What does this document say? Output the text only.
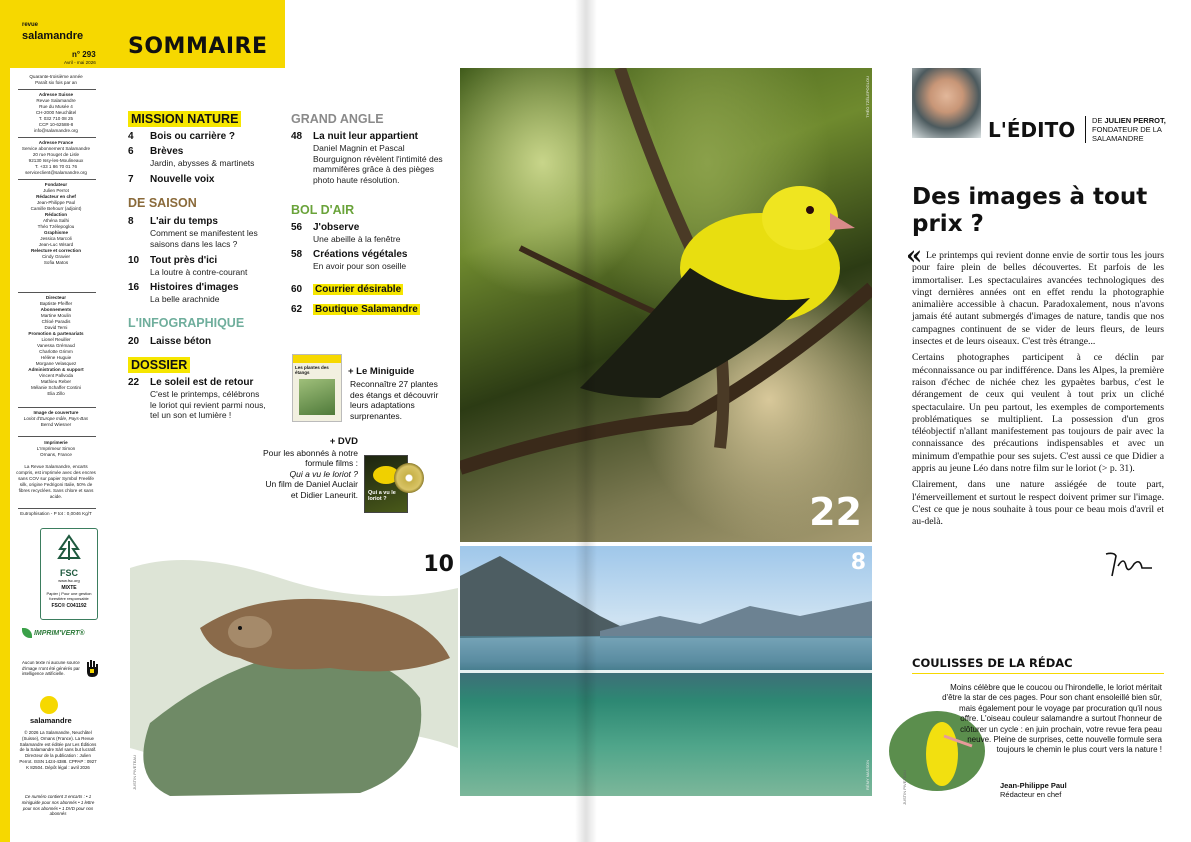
revue
salamandre
n° 293
Avril - mai 2026
Quarante-troisième année
Paraît six fois par an
Adresse Suisse
Revue Salamandre
Rue du Musée 4
CH-2000 Neuchâtel
T. 032 710 08 25
CCP 10-62588-8
info@salamandre.org
Adresse France
Service abonnement Salamandre
20 rue Rouget de Lisle
92130 Issy-les-Moulineaux
T. +33 1 86 70 01 76
serviceclient@salamandre.org
Fondateur
Julien Perrot
Rédacteur en chef
Jean-Philippe Paul
Camille Behourr (adjoint)
Rédaction
Athéna Salhi
Théo Tzélepoglou
Graphisme
Jessica Marcoli
Jean-Luc Wisard
Relecture et correction
Cindy Gravier
Sofia Matos
Directeur
Baptiste Pfeiffer
Abonnements
Martine Moulin
Chloé Paradis
David Terni
Promotion & partenariats
Lionel Reuiller
Vanessa Grémaud
Charlotte Grimm
Hélène Huguie
Morgane Velasquez
Administration & support
Vincent Pallvoda
Mathieu Reber
Mélanie Schaffer Contini
Elia Zillo
Image de couverture
Loriot d'Europe mâle, Pays-Bas
Bernd Wiesner
Imprimerie
L'Imprimeur Simon
Ornans, France
La Revue Salamandre, encarts compris, est imprimée avec des encres sans COV sur papier Symbol Freelife silk, origine Fedrigoni Italie, 50% de fibres recyclées. Sans chlore et sans acide.
Eutrophisation - P tot : 0,0046 Kg/T
FSC
www.fsc.org
MIXTE
Papier | Pour une gestion forestière responsable
FSC® C041192
IMPRIM'VERT®
Aucun texte ni aucune source d'image n'ont été générés par intelligence artificielle.
salamandre
© 2026 La Salamandre, Neuchâtel (Suisse), Ornans (France). La Revue Salamandre est éditée par Les Éditions de la Salamandre Sàrl sans but lucratif. Directeur de la publication : Julien Perrot. ISSN 1424-4388. CPPAP : 0927 K 82504. Dépôt légal : avril 2026
Ce numéro contient 3 encarts : • 1 miniguide pour nos abonnés • 1 lettre pour nos abonnés • 1 DVD pour nos abonnés
SOMMAIRE
MISSION NATURE
4 Bois ou carrière ?
6 Brèves
Jardin, abysses & martinets
7 Nouvelle voix
DE SAISON
8 L'air du temps
Comment se manifestent les saisons dans les lacs ?
10 Tout près d'ici
La loutre à contre-courant
16 Histoires d'images
La belle arachnide
L'INFOGRAPHIQUE
20 Laisse béton
DOSSIER
22 Le soleil est de retour
C'est le printemps, célébrons le loriot qui revient parmi nous, tel un son et lumière !
GRAND ANGLE
48 La nuit leur appartient
Daniel Magnin et Pascal Bourguignon révèlent l'intimité des mammifères grâce à des pièges photo haute résolution.
BOL D'AIR
56 J'observe
Une abeille à la fenêtre
58 Créations végétales
En avoir pour son oseille
60 Courrier désirable
62 Boutique Salamandre
Les plantes des étangs	+ Le Miniguide
Reconnaître 27 plantes des étangs et découvrir leurs adaptations surprenantes.
+ DVD
Pour les abonnés à notre formule films :
Qui a vu le loriot ?
Un film de Daniel Auclair et Didier Laneurit. Qui a vu le loriot ?	22
THÉO TZÉLEPOGLOU
8
RÉMY MASSON
10
JUSTIN PIVETEAU
L'ÉDITO	DE JULIEN PERROT,
FONDATEUR DE LA SALAMANDRE
Des images à tout prix ?
« Le printemps qui revient donne envie de sortir tous les jours pour faire plein de belles découvertes. Et parfois de les immortaliser. Les spectaculaires avancées technologiques des vingt dernières années ont en effet rendu la photographie animalière accessible à chacun. Paradoxalement, nous n'avons jamais été autant submergés d'images de nature, tandis que nos campagnes continuent de se vider de leurs fleurs, de leurs insectes et de leurs oiseaux. C'est très étrange...

Certains photographes participent à ce déclin par méconnaissance ou par indifférence. Dans les Alpes, la première raison d'échec de nichée chez les gypaètes barbus, c'est le dérangement de ceux qui veulent à tout prix un cliché spectaculaire. Un peu partout, les exemples de comportements problématiques se multiplient. La possession d'un gros téléobjectif n'allant manifestement pas toujours de pair avec la connaissance des précautions indispensables et avec un minimum d'empathie pour ses sujets. C'est aussi ce que Didier a appris au jeune Léo dans notre film sur le loriot (> p. 31).

Clairement, dans une nature assiégée de toute part, l'émerveillement et surtout le respect doivent primer sur l'image. C'est ce que je nous souhaite à tous pour ce beau mois d'avril et au-delà.

COULISSES DE LA RÉDAC
JUSTIN PIVETEAU
Moins célèbre que le coucou ou l'hirondelle, le loriot méritait d'être la star de ces pages. Pour son chant ensoleillé bien sûr, mais également pour le voyage par procuration qu'il nous offre. L'oiseau couleur salamandre a surtout l'honneur de clôturer un cycle : en juin prochain, votre revue fera peau neuve. Pleine de surprises, cette nouvelle formule sera toujours le chemin le plus court vers la nature !
Jean-Philippe Paul
Rédacteur en chef
